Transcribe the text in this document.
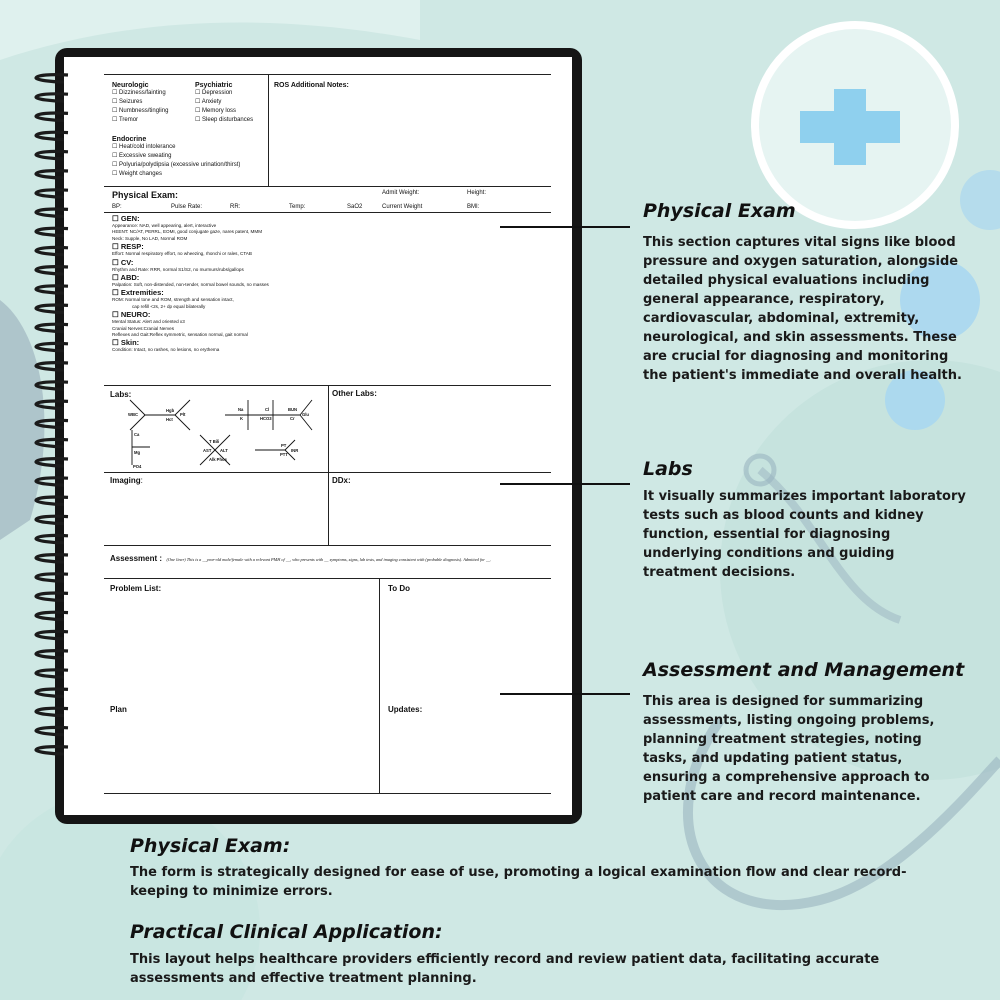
Neurologic
☐ Dizziness/fainting
☐ Seizures
☐ Numbness/tingling
☐ Tremor
Psychiatric
☐ Depression
☐ Anxiety
☐ Memory loss
☐ Sleep disturbances
Endocrine
☐ Heat/cold intolerance
☐ Excessive sweating
☐ Polyuria/polydipsia (excessive urination/thirst)
☐ Weight changes
ROS Additional Notes:
Physical Exam:	Admit Weight:	Height:
BP:	Pulse Rate:	RR:	Temp:	SaO2	Current Weight	BMI:
☐ GEN:
Appearance: NAD, well appearing, alert, interactive
HEENT: NC/AT, PERRL, EOMI, good conjugate gaze, nares patent, MMM
Neck: Supple, No LAD, Normal ROM
☐ RESP:
Effort: Normal respiratory effort, no wheezing, rhonchi or rales, CTAB
☐ CV:
Rhythm and Rate: RRR, normal S1/S2, no murmurs/rubs/gallops
☐ ABD:
Palpation: Soft, non-distended, non-tender, normal bowel sounds, no masses
☐ Extremities:
ROM: Normal tone and ROM, strength and sensation intact,
cap refill <2s, 2+ dp equal bilaterally
☐ NEURO:
Mental Status: Alert and oriented x3
Cranial Nerves:Cranial Nerves
Reflexes and Gait:Reflex symmetric, sensation normal, gait normal
☐ Skin:
Condition: Intact, no rashes, no lesions, no erythema
Labs:	Other Labs:
WBC
Hgb
Hct
Plt
Na
K
Cl
HCO3
BUN
Cr
Glu
Ca
Mg
PO4
T Bili
AST ALT
Alk Phos
PT
INR
PTT
Imaging:	DDx:
Assessment : (One liner) This is a __year-old male/female with a relevant PMH of __, who presents with __ symptoms, signs, lab tests, and imaging consistent with (probable diagnosis). Admitted for __.
Problem List:	To Do
Plan	Updates:
Physical Exam
This section captures vital signs like blood pressure and oxygen saturation, alongside detailed physical evaluations including general appearance, respiratory, cardiovascular, abdominal, extremity, neurological, and skin assessments. These are crucial for diagnosing and monitoring the patient's immediate and overall health.
Labs
It visually summarizes important laboratory tests such as blood counts and kidney function, essential for diagnosing underlying conditions and guiding treatment decisions.
Assessment and Management
This area is designed for summarizing assessments, listing ongoing problems, planning treatment strategies, noting tasks, and updating patient status, ensuring a comprehensive approach to patient care and record maintenance.
Physical Exam:
The form is strategically designed for ease of use, promoting a logical examination flow and clear record-keeping to minimize errors.
Practical Clinical Application:
This layout helps healthcare providers efficiently record and review patient data, facilitating accurate assessments and effective treatment planning.
